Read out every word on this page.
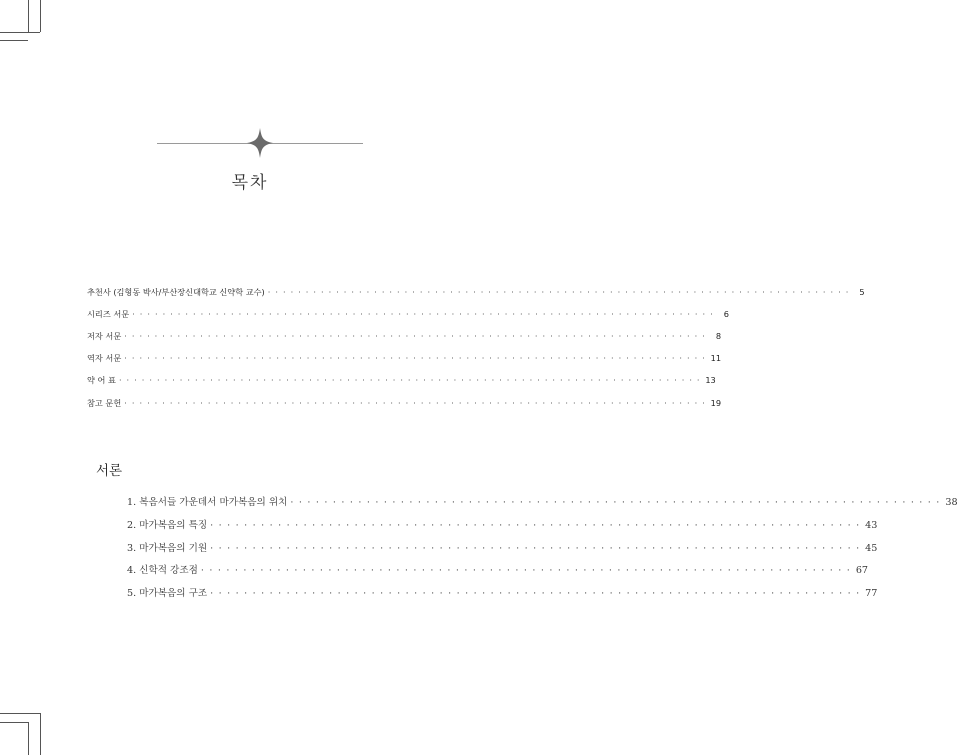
목차
추천사 (김형동 박사/부산장신대학교 신약학 교수) · · · · · · · · · · · · · · · · · · · · · · · · · · · · · · · · · · · · · · · · · · · · · · · · · · · · · · · · · · · · · · · · · · · · · · · · · · · · ·	5
시리즈 서문 · · · · · · · · · · · · · · · · · · · · · · · · · · · · · · · · · · · · · · · · · · · · · · · · · · · · · · · · · · · · · · · · · · · · · · · · · · · · ·	6
저자 서문 · · · · · · · · · · · · · · · · · · · · · · · · · · · · · · · · · · · · · · · · · · · · · · · · · · · · · · · · · · · · · · · · · · · · · · · · · · · · ·	8
역자 서문 · · · · · · · · · · · · · · · · · · · · · · · · · · · · · · · · · · · · · · · · · · · · · · · · · · · · · · · · · · · · · · · · · · · · · · · · · · · · · 11
약 어 표 · · · · · · · · · · · · · · · · · · · · · · · · · · · · · · · · · · · · · · · · · · · · · · · · · · · · · · · · · · · · · · · · · · · · · · · · · · · · · 13
참고 문헌 · · · · · · · · · · · · · · · · · · · · · · · · · · · · · · · · · · · · · · · · · · · · · · · · · · · · · · · · · · · · · · · · · · · · · · · · · · · · · 19
서론
1. 복음서들 가운데서 마가복음의 위치 · · · · · · · · · · · · · · · · · · · · · · · · · · · · · · · · · · · · · · · · · · · · · · · · · · · · · · · · · · · · · · · · · · · · · · · · · · · · · 38
2. 마가복음의 특징 · · · · · · · · · · · · · · · · · · · · · · · · · · · · · · · · · · · · · · · · · · · · · · · · · · · · · · · · · · · · · · · · · · · · · · · · · · · · · 43
3. 마가복음의 기원 · · · · · · · · · · · · · · · · · · · · · · · · · · · · · · · · · · · · · · · · · · · · · · · · · · · · · · · · · · · · · · · · · · · · · · · · · · · · · 45
4. 신학적 강조점 · · · · · · · · · · · · · · · · · · · · · · · · · · · · · · · · · · · · · · · · · · · · · · · · · · · · · · · · · · · · · · · · · · · · · · · · · · · · · 67
5. 마가복음의 구조 · · · · · · · · · · · · · · · · · · · · · · · · · · · · · · · · · · · · · · · · · · · · · · · · · · · · · · · · · · · · · · · · · · · · · · · · · · · · · 77
